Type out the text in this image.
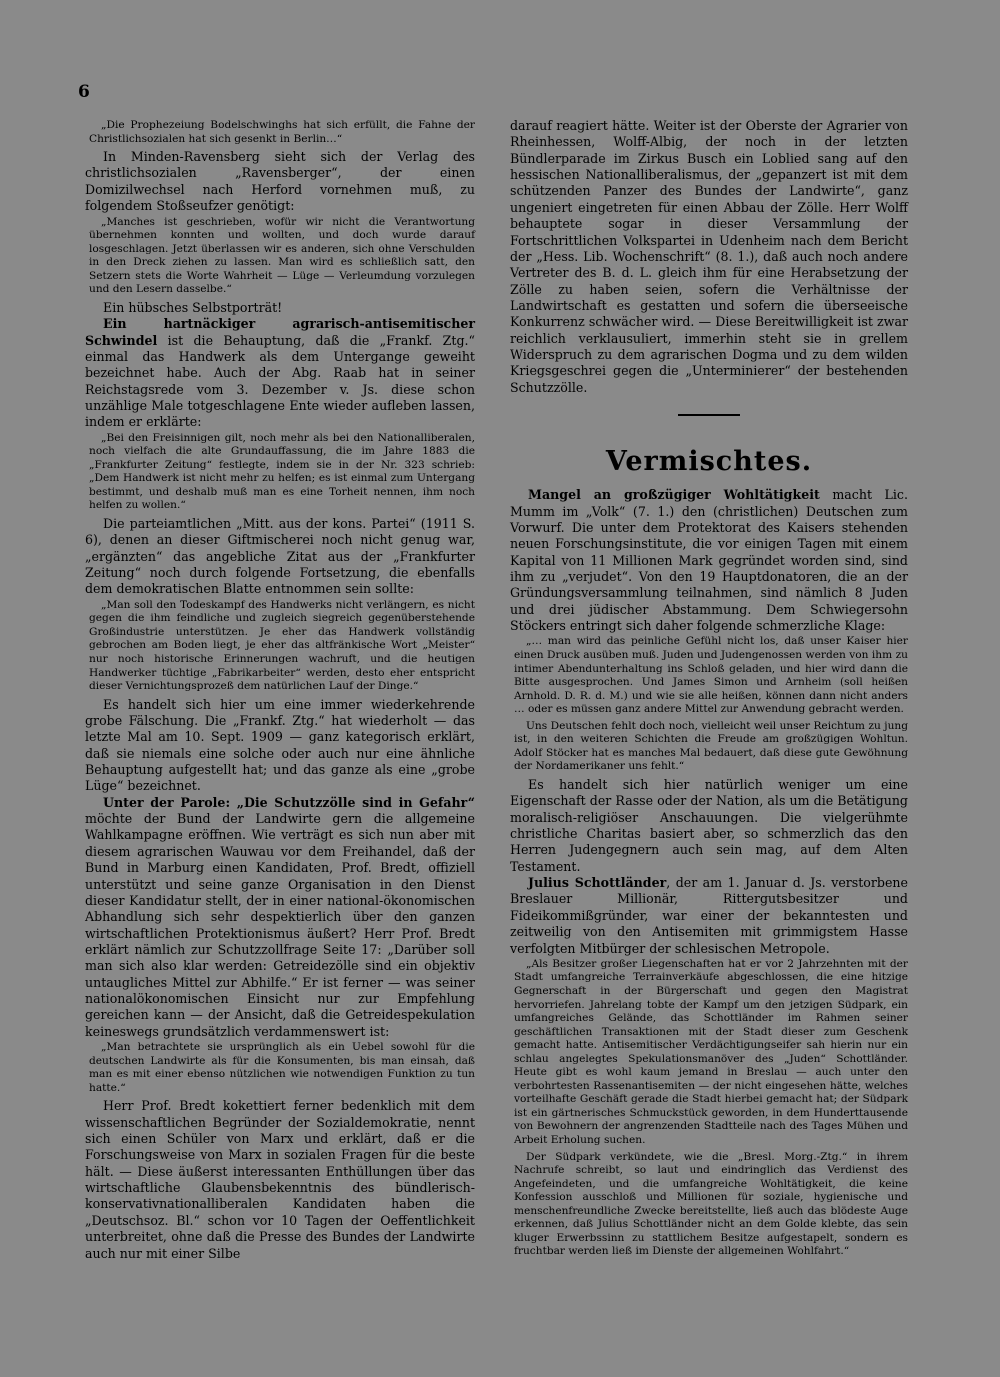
6

„Die Prophezeiung Bodelschwinghs hat sich erfüllt, die Fahne der Christlichsozialen hat sich gesenkt in Berlin…“

In Minden-Ravensberg sieht sich der Verlag des christlichsozialen „Ravensberger“, der einen Domizilwechsel nach Herford vornehmen muß, zu folgendem Stoßseufzer genötigt:

„Manches ist geschrieben, wofür wir nicht die Verantwortung übernehmen konnten und wollten, und doch wurde darauf losgeschlagen. Jetzt überlassen wir es anderen, sich ohne Verschulden in den Dreck ziehen zu lassen. Man wird es schließlich satt, den Setzern stets die Worte Wahrheit — Lüge — Verleumdung vorzulegen und den Lesern dasselbe.“

Ein hübsches Selbstporträt!

Ein hartnäckiger agrarisch-antisemitischer Schwindel ist die Behauptung, daß die „Frankf. Ztg.“ einmal das Handwerk als dem Untergange geweiht bezeichnet habe. Auch der Abg. Raab hat in seiner Reichstagsrede vom 3. Dezember v. Js. diese schon unzählige Male totgeschlagene Ente wieder aufleben lassen, indem er erklärte:

„Bei den Freisinnigen gilt, noch mehr als bei den Nationalliberalen, noch vielfach die alte Grundauffassung, die im Jahre 1883 die „Frankfurter Zeitung“ festlegte, indem sie in der Nr. 323 schrieb: „Dem Handwerk ist nicht mehr zu helfen; es ist einmal zum Untergang bestimmt, und deshalb muß man es eine Torheit nennen, ihm noch helfen zu wollen.“

Die parteiamtlichen „Mitt. aus der kons. Partei“ (1911 S. 6), denen an dieser Giftmischerei noch nicht genug war, „ergänzten“ das angebliche Zitat aus der „Frankfurter Zeitung“ noch durch folgende Fortsetzung, die ebenfalls dem demokratischen Blatte entnommen sein sollte:

„Man soll den Todeskampf des Handwerks nicht verlängern, es nicht gegen die ihm feindliche und zugleich siegreich gegenüberstehende Großindustrie unterstützen. Je eher das Handwerk vollständig gebrochen am Boden liegt, je eher das altfränkische Wort „Meister“ nur noch historische Erinnerungen wachruft, und die heutigen Handwerker tüchtige „Fabrikarbeiter“ werden, desto eher entspricht dieser Vernichtungsprozeß dem natürlichen Lauf der Dinge.“

Es handelt sich hier um eine immer wiederkehrende grobe Fälschung. Die „Frankf. Ztg.“ hat wiederholt — das letzte Mal am 10. Sept. 1909 — ganz kategorisch erklärt, daß sie niemals eine solche oder auch nur eine ähnliche Behauptung aufgestellt hat; und das ganze als eine „grobe Lüge“ bezeichnet.

Unter der Parole: „Die Schutzzölle sind in Gefahr“ möchte der Bund der Landwirte gern die allgemeine Wahlkampagne eröffnen. Wie verträgt es sich nun aber mit diesem agrarischen Wauwau vor dem Freihandel, daß der Bund in Marburg einen Kandidaten, Prof. Bredt, offiziell unterstützt und seine ganze Organisation in den Dienst dieser Kandidatur stellt, der in einer national-ökonomischen Abhandlung sich sehr despektierlich über den ganzen wirtschaftlichen Protektionismus äußert? Herr Prof. Bredt erklärt nämlich zur Schutzzollfrage Seite 17: „Darüber soll man sich also klar werden: Getreidezölle sind ein objektiv untaugliches Mittel zur Abhilfe.“ Er ist ferner — was seiner nationalökonomischen Einsicht nur zur Empfehlung gereichen kann — der Ansicht, daß die Getreidespekulation keineswegs grundsätzlich verdammenswert ist:

„Man betrachtete sie ursprünglich als ein Uebel sowohl für die deutschen Landwirte als für die Konsumenten, bis man einsah, daß man es mit einer ebenso nützlichen wie notwendigen Funktion zu tun hatte.“

Herr Prof. Bredt kokettiert ferner bedenklich mit dem wissenschaftlichen Begründer der Sozialdemokratie, nennt sich einen Schüler von Marx und erklärt, daß er die Forschungsweise von Marx in sozialen Fragen für die beste hält. — Diese äußerst interessanten Enthüllungen über das wirtschaftliche Glaubensbekenntnis des bündlerisch-konservativnationalliberalen Kandidaten haben die „Deutschsoz. Bl.“ schon vor 10 Tagen der Oeffentlichkeit unterbreitet, ohne daß die Presse des Bundes der Landwirte auch nur mit einer Silbe

darauf reagiert hätte. Weiter ist der Oberste der Agrarier von Rheinhessen, Wolff-Albig, der noch in der letzten Bündlerparade im Zirkus Busch ein Loblied sang auf den hessischen Nationalliberalismus, der „gepanzert ist mit dem schützenden Panzer des Bundes der Landwirte“, ganz ungeniert eingetreten für einen Abbau der Zölle. Herr Wolff behauptete sogar in dieser Versammlung der Fortschrittlichen Volkspartei in Udenheim nach dem Bericht der „Hess. Lib. Wochenschrift“ (8. 1.), daß auch noch andere Vertreter des B. d. L. gleich ihm für eine Herabsetzung der Zölle zu haben seien, sofern die Verhältnisse der Landwirtschaft es gestatten und sofern die überseeische Konkurrenz schwächer wird. — Diese Bereitwilligkeit ist zwar reichlich verklausuliert, immerhin steht sie in grellem Widerspruch zu dem agrarischen Dogma und zu dem wilden Kriegsgeschrei gegen die „Unterminierer“ der bestehenden Schutzzölle.

Vermischtes.

Mangel an großzügiger Wohltätigkeit macht Lic. Mumm im „Volk“ (7. 1.) den (christlichen) Deutschen zum Vorwurf. Die unter dem Protektorat des Kaisers stehenden neuen Forschungsinstitute, die vor einigen Tagen mit einem Kapital von 11 Millionen Mark gegründet worden sind, sind ihm zu „verjudet“. Von den 19 Hauptdonatoren, die an der Gründungsversammlung teilnahmen, sind nämlich 8 Juden und drei jüdischer Abstammung. Dem Schwiegersohn Stöckers entringt sich daher folgende schmerzliche Klage:

„… man wird das peinliche Gefühl nicht los, daß unser Kaiser hier einen Druck ausüben muß. Juden und Judengenossen werden von ihm zu intimer Abendunterhaltung ins Schloß geladen, und hier wird dann die Bitte ausgesprochen. Und James Simon und Arnheim (soll heißen Arnhold. D. R. d. M.) und wie sie alle heißen, können dann nicht anders … oder es müssen ganz andere Mittel zur Anwendung gebracht werden.

Uns Deutschen fehlt doch noch, vielleicht weil unser Reichtum zu jung ist, in den weiteren Schichten die Freude am großzügigen Wohltun. Adolf Stöcker hat es manches Mal bedauert, daß diese gute Gewöhnung der Nordamerikaner uns fehlt.“

Es handelt sich hier natürlich weniger um eine Eigenschaft der Rasse oder der Nation, als um die Betätigung moralisch-religiöser Anschauungen. Die vielgerühmte christliche Charitas basiert aber, so schmerzlich das den Herren Judengegnern auch sein mag, auf dem Alten Testament.

Julius Schottländer, der am 1. Januar d. Js. verstorbene Breslauer Millionär, Rittergutsbesitzer und Fideikommißgründer, war einer der bekanntesten und zeitweilig von den Antisemiten mit grimmigstem Hasse verfolgten Mitbürger der schlesischen Metropole.

„Als Besitzer großer Liegenschaften hat er vor 2 Jahrzehnten mit der Stadt umfangreiche Terrainverkäufe abgeschlossen, die eine hitzige Gegnerschaft in der Bürgerschaft und gegen den Magistrat hervorriefen. Jahrelang tobte der Kampf um den jetzigen Südpark, ein umfangreiches Gelände, das Schottländer im Rahmen seiner geschäftlichen Transaktionen mit der Stadt dieser zum Geschenk gemacht hatte. Antisemitischer Verdächtigungseifer sah hierin nur ein schlau angelegtes Spekulationsmanöver des „Juden“ Schottländer. Heute gibt es wohl kaum jemand in Breslau — auch unter den verbohrtesten Rassenantisemiten — der nicht eingesehen hätte, welches vorteilhafte Geschäft gerade die Stadt hierbei gemacht hat; der Südpark ist ein gärtnerisches Schmuckstück geworden, in dem Hunderttausende von Bewohnern der angrenzenden Stadtteile nach des Tages Mühen und Arbeit Erholung suchen.

Der Südpark verkündete, wie die „Bresl. Morg.-Ztg.“ in ihrem Nachrufe schreibt, so laut und eindringlich das Verdienst des Angefeindeten, und die umfangreiche Wohltätigkeit, die keine Konfession ausschloß und Millionen für soziale, hygienische und menschenfreundliche Zwecke bereitstellte, ließ auch das blödeste Auge erkennen, daß Julius Schottländer nicht an dem Golde klebte, das sein kluger Erwerbssinn zu stattlichem Besitze aufgestapelt, sondern es fruchtbar werden ließ im Dienste der allgemeinen Wohlfahrt.“
